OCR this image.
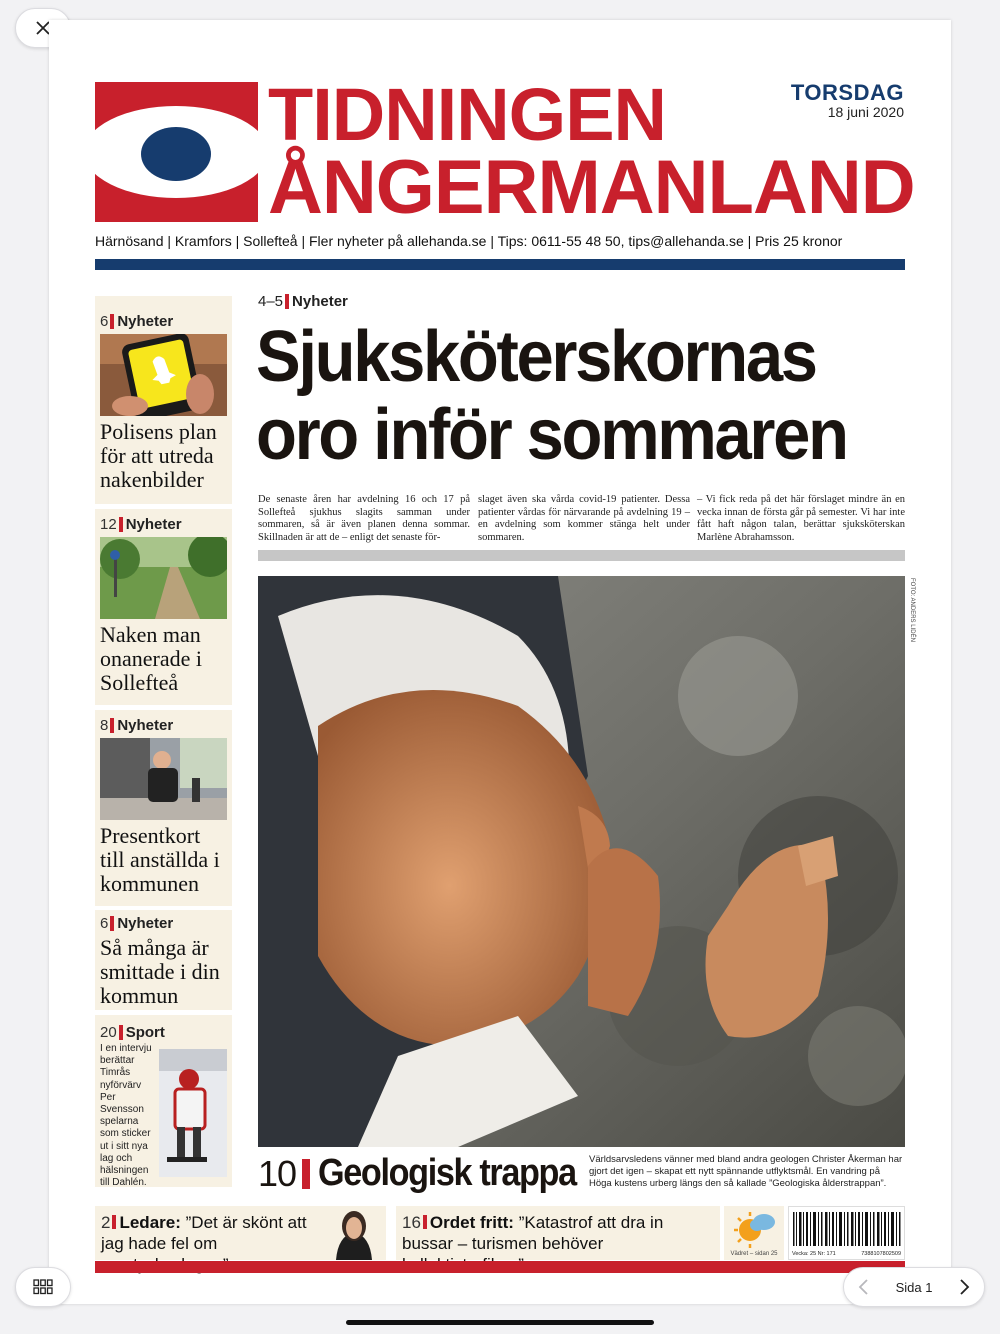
TIDNINGEN
ÅNGERMANLAND
TORSDAG
18 juni 2020
Härnösand | Kramfors | Sollefteå | Fler nyheter på allehanda.se | Tips: 0611-55 48 50, tips@allehanda.se | Pris 25 kronor
6 Nyheter
Polisens plan för att utreda nakenbilder
12 Nyheter
Naken man onanerade i Sollefteå
8 Nyheter
Presentkort till anställda i kommunen
6 Nyheter
Så många är smittade i din kommun
20 Sport
I en intervju berättar Timrås nyförvärv Per Svensson spelarna som sticker ut i sitt nya lag och hälsningen till Dahlén.
4–5 Nyheter
Sjuksköterskornas oro inför sommaren
De senaste åren har avdelning 16 och 17 på Sollefteå sjukhus slagits samman under sommaren, så är även planen denna sommar. Skillnaden är att de – enligt det senaste för-
slaget även ska vårda covid-19 patienter. Dessa patienter vårdas för närvarande på avdelning 19 – en avdelning som kommer stänga helt under sommaren.
– Vi fick reda på det här förslaget mindre än en vecka innan de första går på semester. Vi har inte fått haft någon talan, berättar sjuksköterskan Marlène Abrahamsson.
FOTO: ANDERS LIDÉN
10 Geologisk trappa Världsarvsledens vänner med bland andra geologen Christer Åkerman har gjort det igen – skapat ett nytt spännande utflyktsmål. En vandring på Höga kustens urberg längs den så kallade ”Geologiska ålderstrappan”.
2 Ledare: ”Det är skönt att jag hade fel om
16 Ordet fritt: ”Katastrof att dra in bussar – turismen behöver
Vädret – sidan 25	Vecka: 25 Nr: 171	7388107802509
Sida 1
